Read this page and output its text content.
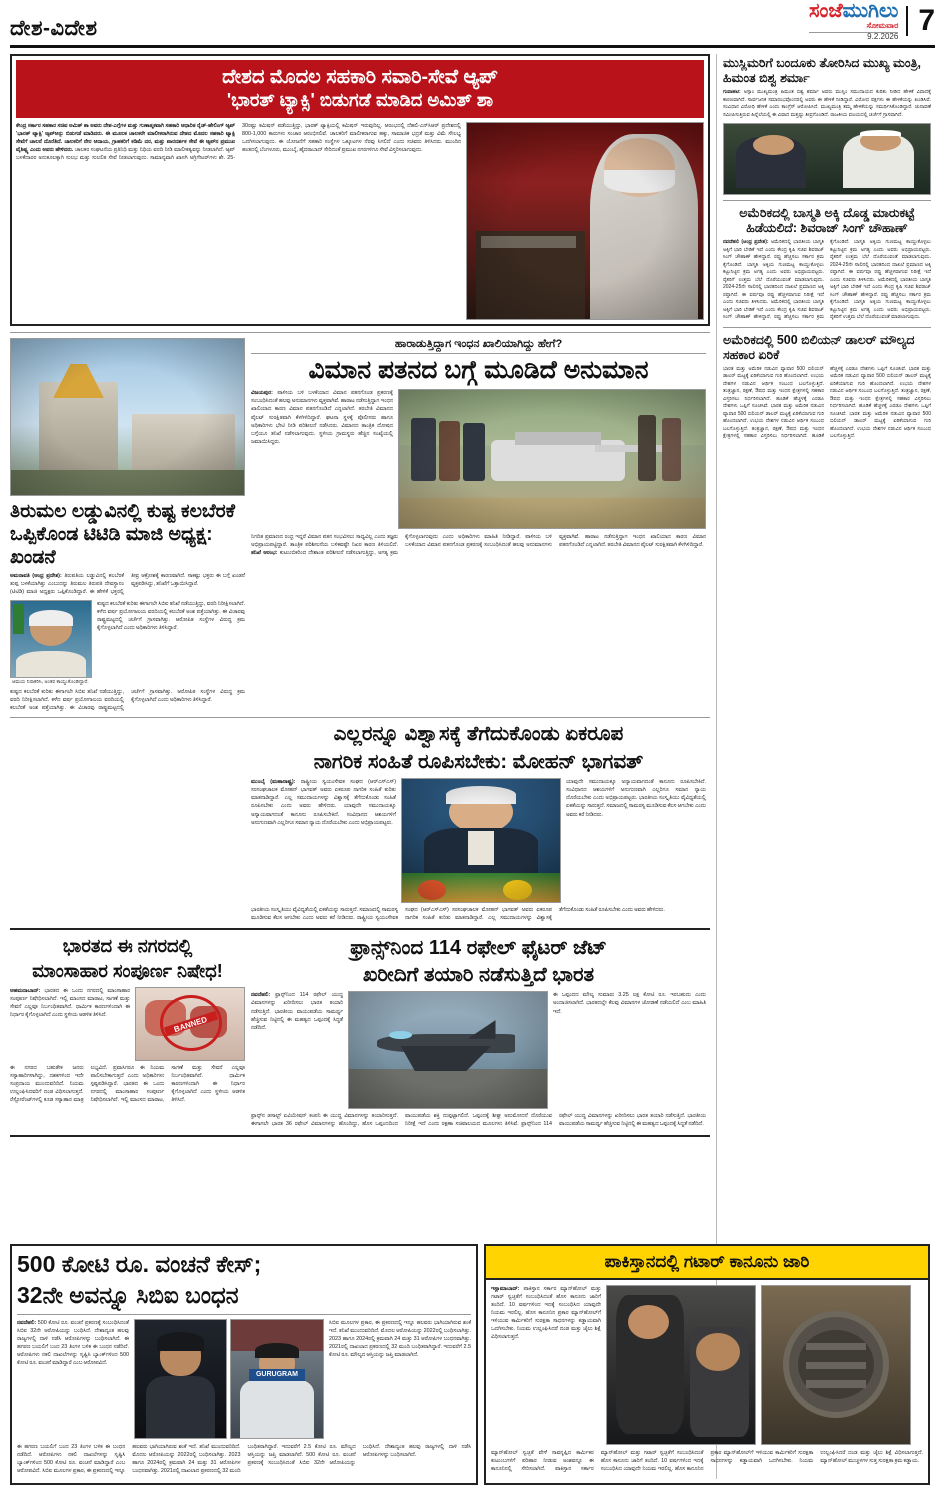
ದೇಶ-ವಿದೇಶ
ಸಂಜೆಮುಗಿಲು
ಸೋಮವಾರ
9.2.2026 7
ದೇಶದ ಮೊದಲ ಸಹಕಾರಿ ಸವಾರಿ-ಸೇವೆ ಆ್ಯಪ್
'ಭಾರತ್ ಟ್ಯಾಕ್ಸಿ' ಬಿಡುಗಡೆ ಮಾಡಿದ ಅಮಿತ್ ಶಾ
ಕೇಂದ್ರ ಸರ್ಕಾರ ಸಹಕಾರ ಸಚಿವ ಅಮಿತ್ ಶಾ ಅವರು ದೇಶ-ಎಗ್ಗೆಗಳ ಮತ್ತು ಗುಣಾತ್ಮಕವಾಗಿ ಸಹಕಾರಿ ಆಧಾರಿತ ರೈಡ್-ಹೇಲಿಂಗ್ ಆ್ಯಪ್ 'ಭಾರತ್ ಟ್ಯಾಕ್ಸಿ' ಆ್ಯಪ್ಅನ್ನು ಬಿಡುಗಡೆ ಮಾಡಿದರು. ಈ ಮೂಲಕ ಚಾಲಕರೇ ಮಾಲೀಕರಾಗಿರುವ ದೇಶದ ಮೊದಲ ಸಹಕಾರಿ ಟ್ಯಾಕ್ಸಿ ಸೇವೆಗೆ ಚಾಲನೆ ದೊರೆತಿದೆ. ಚಾಲಕರಿಗೆ ನೇರ ಆದಾಯ, ಗ್ರಾಹಕರಿಗೆ ಕಡಿಮೆ ದರ, ಮತ್ತು ಪಾರದರ್ಶಕ ಸೇವೆ ಈ ಆ್ಯಪ್‌ನ ಪ್ರಮುಖ ವೈಶಿಷ್ಟ್ಯ ಎಂದು ಅವರು ಹೇಳಿದರು. ಚಾಲಕರ ಸಂಘಟನೆಯ ಪ್ರತಿನಿಧಿ ಮತ್ತು ನಿಧಿಯ ವರದಿ ನೀಡಿ ಮಾಲೀಕತ್ವವನ್ನು ನೀಡಲಾಗಿದೆ. ಆ್ಯಪ್ ಬಳಕೆದಾರರ ಅನುಕೂಲಕ್ಕಾಗಿ ಸುಲಭ ಮತ್ತು ಸುಲಲಿತ ಸೇವೆ ನೀಡಲಾಗುವುದು. ಸಾಮಾನ್ಯವಾಗಿ ಖಾಸಗಿ ಅಗ್ರಿಗೇಟರ್‌ಗಳು ಶೇ. 25-30ರಷ್ಟು ಕಮಿಷನ್ ಪಡೆಯುತ್ತಿದ್ದು, ಭಾರತ್ ಟ್ಯಾಕ್ಸಿಯಲ್ಲಿ ಕಮಿಷನ್ ಇರುವುದಿಲ್ಲ. ಆರಂಭದಲ್ಲಿ ದೆಹಲಿ-ಎನ್‌ಸಿಆರ್ ಪ್ರದೇಶದಲ್ಲಿ 800-1,000 ಕಾರುಗಳು ಸಂಚಾರ ಆರಂಭಿಸಲಿವೆ. ಚಾಲಕರಿಗೆ ಮಾಲೀಕರಾಗುವ ಹಕ್ಕು, ಸಾಮಾಜಿಕ ಭದ್ರತೆ ಮತ್ತು ವಿಮೆ ಸೌಲಭ್ಯ ಒದಗಿಸಲಾಗುವುದು. ಈ ಯೋಜನೆಗೆ ಸಹಕಾರಿ ಸಂಸ್ಥೆಗಳ ಒಕ್ಕೂಟಗಳ ನೆರವು ಸಿಗಲಿದೆ ಎಂದು ಸಚಿವರು ತಿಳಿಸಿದರು. ಮುಂದಿನ ಹಂತದಲ್ಲಿ ಬೆಂಗಳೂರು, ಮುಂಬೈ, ಹೈದರಾಬಾದ್ ಸೇರಿದಂತೆ ಪ್ರಮುಖ ನಗರಗಳಿಗೂ ಸೇವೆ ವಿಸ್ತರಿಸಲಾಗುವುದು.
ತಿರುಮಲ ಲಡ್ಡುವಿನಲ್ಲಿ ಕುಷ್ಟ ಕಲಬೆರಕೆ ಒಪ್ಪಿಕೊಂಡ ಟಿಟಿಡಿ ಮಾಜಿ ಅಧ್ಯಕ್ಷ: ಖಂಡನೆ
ಅಮರಾವತಿ (ಆಂಧ್ರ ಪ್ರದೇಶ): ತಿರುಪತಿಯ ಲಡ್ಡುವಿನಲ್ಲಿ ಕಲಬೆರಕೆ ತುಪ್ಪ ಬಳಕೆಯಾಗಿತ್ತು ಎಂಬುದನ್ನು ತಿರುಮಲ ತಿರುಪತಿ ದೇವಸ್ಥಾನಂ (ಟಿಟಿಡಿ) ಮಾಜಿ ಅಧ್ಯಕ್ಷರು ಒಪ್ಪಿಕೊಂಡಿದ್ದಾರೆ. ಈ ಹೇಳಿಕೆ ಭಕ್ತರಲ್ಲಿ ತೀವ್ರ ಆಕ್ರೋಶಕ್ಕೆ ಕಾರಣವಾಗಿದೆ. ಸಾಕಷ್ಟು ಭಕ್ತರು ಈ ಬಗ್ಗೆ ಖಂಡನೆ ವ್ಯಕ್ತಪಡಿಸಿದ್ದು, ತನಿಖೆಗೆ ಒತ್ತಾಯಿಸಿದ್ದಾರೆ.
ಕುಷ್ಟದ ಕಲಬೆರಕೆ ಕುರಿತು ಈಗಾಗಲೇ ಸಿಬಿಐ ತನಿಖೆ ನಡೆಯುತ್ತಿದ್ದು, ವರದಿ ನಿರೀಕ್ಷಿಸಲಾಗಿದೆ. ಕಳೆದ ವರ್ಷ ಪ್ರಯೋಗಾಲಯ ವರದಿಯಲ್ಲಿ ಕಲಬೆರಕೆ ಅಂಶ ಪತ್ತೆಯಾಗಿತ್ತು. ಈ ವಿಚಾರವು ರಾಷ್ಟ್ರಮಟ್ಟದಲ್ಲಿ ಚರ್ಚೆಗೆ ಗ್ರಾಸವಾಗಿತ್ತು. ಆರೋಪಿತ ಸಂಸ್ಥೆಗಳ ವಿರುದ್ಧ ಕ್ರಮ ಕೈಗೊಳ್ಳಲಾಗಿದೆ ಎಂದು ಅಧಿಕಾರಿಗಳು ತಿಳಿಸಿದ್ದಾರೆ.
ಆಮಯ ನಿರಾಕರಿಸಿ, ಅಂತರ ಕಾಯ್ದುಕೊಂಡಿದ್ದಾರೆ.
ಕುಷ್ಟದ ಕಲಬೆರಕೆ ಕುರಿತು ಈಗಾಗಲೇ ಸಿಬಿಐ ತನಿಖೆ ನಡೆಯುತ್ತಿದ್ದು, ವರದಿ ನಿರೀಕ್ಷಿಸಲಾಗಿದೆ. ಕಳೆದ ವರ್ಷ ಪ್ರಯೋಗಾಲಯ ವರದಿಯಲ್ಲಿ ಕಲಬೆರಕೆ ಅಂಶ ಪತ್ತೆಯಾಗಿತ್ತು. ಈ ವಿಚಾರವು ರಾಷ್ಟ್ರಮಟ್ಟದಲ್ಲಿ ಚರ್ಚೆಗೆ ಗ್ರಾಸವಾಗಿತ್ತು. ಆರೋಪಿತ ಸಂಸ್ಥೆಗಳ ವಿರುದ್ಧ ಕ್ರಮ ಕೈಗೊಳ್ಳಲಾಗಿದೆ ಎಂದು ಅಧಿಕಾರಿಗಳು ತಿಳಿಸಿದ್ದಾರೆ.
ಹಾರಾಡುತ್ತಿದ್ದಾಗ ಇಂಧನ ಖಾಲಿಯಾಗಿದ್ದು ಹೇಗೆ?
ವಿಮಾನ ಪತನದ ಬಗ್ಗೆ ಮೂಡಿದೆ ಅನುಮಾನ
ವಿಜಯಪುರ: ಪಾಳೀಯ ಬಳಿ ಬಳಕೆಯಾದ ವಿಮಾನ ಪತನಗೊಂಡ ಪ್ರಕರಣಕ್ಕೆ ಸಂಬಂಧಿಸಿದಂತೆ ಹಲವು ಅನುಮಾನಗಳು ವ್ಯಕ್ತವಾಗಿವೆ. ಹಾರಾಟ ನಡೆಸುತ್ತಿದ್ದಾಗ ಇಂಧನ ಖಾಲಿಯಾದ ಕಾರಣ ವಿಮಾನ ಪತನಗೊಂಡಿದೆ ಎನ್ನಲಾಗಿದೆ. ತರಬೇತಿ ವಿಮಾನದ ಪೈಲಟ್ ಸುರಕ್ಷಿತವಾಗಿ ಕೆಳಗಿಳಿದಿದ್ದಾರೆ. ಘಟನಾ ಸ್ಥಳಕ್ಕೆ ಪೊಲೀಸರು ಹಾಗೂ ಅಧಿಕಾರಿಗಳು ಭೇಟಿ ನೀಡಿ ಪರಿಶೀಲನೆ ನಡೆಸಿದರು. ವಿಮಾನದ ತಾಂತ್ರಿಕ ದೋಷದ ಬಗ್ಗೆಯೂ ತನಿಖೆ ನಡೆಸಲಾಗುವುದು. ಸ್ಥಳೀಯ ಗ್ರಾಮಸ್ಥರು ಹೆಚ್ಚಿನ ಸಂಖ್ಯೆಯಲ್ಲಿ ಜಮಾಯಿಸಿದ್ದರು.
ನಿಗದಿತ ಪ್ರಮಾಣದ ರಂಧ್ರ ಇದ್ದರೆ ವಿಮಾನ ಪತನ ಸಂಭವಿಸಲು ಸಾಧ್ಯವಿಲ್ಲ ಎಂದು ತಜ್ಞರು ಅಭಿಪ್ರಾಯಪಟ್ಟಿದ್ದಾರೆ. ತಾಂತ್ರಿಕ ಪರಿಶೀಲನೆಯ ಬಳಿಕವಷ್ಟೇ ನಿಖರ ಕಾರಣ ತಿಳಿಯಲಿದೆ. ತನಿಖೆ ಆರಂಭ: ಕುಟುಂಬಿಕರಿಂದ ದೇಶಾಂತ ಪರಿಶೀಲನೆ ನಡೆಸಲಾಗುತ್ತಿದ್ದು, ಅಗತ್ಯ ಕ್ರಮ ಕೈಗೊಳ್ಳಲಾಗುವುದು ಎಂದು ಅಧಿಕಾರಿಗಳು ಮಾಹಿತಿ ನೀಡಿದ್ದಾರೆ. ಪಾಳೀಯ ಬಳಿ ಬಳಕೆಯಾದ ವಿಮಾನ ಪತನಗೊಂಡ ಪ್ರಕರಣಕ್ಕೆ ಸಂಬಂಧಿಸಿದಂತೆ ಹಲವು ಅನುಮಾನಗಳು ವ್ಯಕ್ತವಾಗಿವೆ. ಹಾರಾಟ ನಡೆಸುತ್ತಿದ್ದಾಗ ಇಂಧನ ಖಾಲಿಯಾದ ಕಾರಣ ವಿಮಾನ ಪತನಗೊಂಡಿದೆ ಎನ್ನಲಾಗಿದೆ. ತರಬೇತಿ ವಿಮಾನದ ಪೈಲಟ್ ಸುರಕ್ಷಿತವಾಗಿ ಕೆಳಗಿಳಿದಿದ್ದಾರೆ.
ಎಲ್ಲರನ್ನೂ ವಿಶ್ವಾಸಕ್ಕೆ ತೆಗೆದುಕೊಂಡು ಏಕರೂಪ
ನಾಗರಿಕ ಸಂಹಿತೆ ರೂಪಿಸಬೇಕು: ಮೋಹನ್ ಭಾಗವತ್
ಮುಂಬೈ (ಮಹಾರಾಷ್ಟ್ರ): ರಾಷ್ಟ್ರೀಯ ಸ್ವಯಂಸೇವಕ ಸಂಘದ (ಆರ್‌ಎಸ್‌ಎಸ್) ಸರಸಂಘಚಾಲಕ ಮೋಹನ್ ಭಾಗವತ್ ಅವರು ಏಕರೂಪ ನಾಗರಿಕ ಸಂಹಿತೆ ಕುರಿತು ಮಾತನಾಡಿದ್ದಾರೆ. ಎಲ್ಲ ಸಮುದಾಯಗಳನ್ನು ವಿಶ್ವಾಸಕ್ಕೆ ತೆಗೆದುಕೊಂಡು ಸಂಹಿತೆ ರೂಪಿಸಬೇಕು ಎಂದು ಅವರು ಹೇಳಿದರು. ಯಾವುದೇ ಸಮುದಾಯಕ್ಕೂ ಅನ್ಯಾಯವಾಗದಂತೆ ಕಾನೂನು ರೂಪಿಸಬೇಕಿದೆ. ಸಂವಿಧಾನದ ಆಶಯಗಳಿಗೆ ಅನುಗುಣವಾಗಿ ಎಲ್ಲರಿಗೂ ಸಮಾನ ನ್ಯಾಯ ದೊರೆಯಬೇಕು ಎಂದು ಅಭಿಪ್ರಾಯಪಟ್ಟರು.
ಯಾವುದೇ ಸಮುದಾಯಕ್ಕೂ ಅನ್ಯಾಯವಾಗದಂತೆ ಕಾನೂನು ರೂಪಿಸಬೇಕಿದೆ. ಸಂವಿಧಾನದ ಆಶಯಗಳಿಗೆ ಅನುಗುಣವಾಗಿ ಎಲ್ಲರಿಗೂ ಸಮಾನ ನ್ಯಾಯ ದೊರೆಯಬೇಕು ಎಂದು ಅಭಿಪ್ರಾಯಪಟ್ಟರು. ಭಾರತೀಯ ಸಂಸ್ಕೃತಿಯು ವೈವಿಧ್ಯತೆಯಲ್ಲಿ ಏಕತೆಯನ್ನು ಸಾರುತ್ತದೆ. ಸಮಾಜದಲ್ಲಿ ಸಾಮರಸ್ಯ ಮೂಡಿಸುವ ಕೆಲಸ ಆಗಬೇಕು ಎಂದು ಅವರು ಕರೆ ನೀಡಿದರು.
ಭಾರತೀಯ ಸಂಸ್ಕೃತಿಯು ವೈವಿಧ್ಯತೆಯಲ್ಲಿ ಏಕತೆಯನ್ನು ಸಾರುತ್ತದೆ. ಸಮಾಜದಲ್ಲಿ ಸಾಮರಸ್ಯ ಮೂಡಿಸುವ ಕೆಲಸ ಆಗಬೇಕು ಎಂದು ಅವರು ಕರೆ ನೀಡಿದರು. ರಾಷ್ಟ್ರೀಯ ಸ್ವಯಂಸೇವಕ ಸಂಘದ (ಆರ್‌ಎಸ್‌ಎಸ್) ಸರಸಂಘಚಾಲಕ ಮೋಹನ್ ಭಾಗವತ್ ಅವರು ಏಕರೂಪ ನಾಗರಿಕ ಸಂಹಿತೆ ಕುರಿತು ಮಾತನಾಡಿದ್ದಾರೆ. ಎಲ್ಲ ಸಮುದಾಯಗಳನ್ನು ವಿಶ್ವಾಸಕ್ಕೆ ತೆಗೆದುಕೊಂಡು ಸಂಹಿತೆ ರೂಪಿಸಬೇಕು ಎಂದು ಅವರು ಹೇಳಿದರು.
ಭಾರತದ ಈ ನಗರದಲ್ಲಿ
ಮಾಂಸಾಹಾರ ಸಂಪೂರ್ಣ ನಿಷೇಧ!
ಅಹಮದಾಬಾದ್: ಭಾರತದ ಈ ಒಂದು ನಗರದಲ್ಲಿ ಮಾಂಸಾಹಾರ ಸಂಪೂರ್ಣ ನಿಷೇಧಿಸಲಾಗಿದೆ. ಇಲ್ಲಿ ಮಾಂಸದ ಮಾರಾಟ, ಸಾಗಣೆ ಮತ್ತು ಸೇವನೆ ಎಲ್ಲವೂ ನಿರ್ಬಂಧಿತವಾಗಿದೆ. ಧಾರ್ಮಿಕ ಕಾರಣಗಳಿಂದಾಗಿ ಈ ನಿರ್ಧಾರ ಕೈಗೊಳ್ಳಲಾಗಿದೆ ಎಂದು ಸ್ಥಳೀಯ ಆಡಳಿತ ತಿಳಿಸಿದೆ.	BANNED
ಈ ನಗರದ ಬಹುತೇಕ ಜನರು ಸಸ್ಯಾಹಾರಿಗಳಾಗಿದ್ದು, ದಶಕಗಳಿಂದ ಇದೇ ಸಂಪ್ರದಾಯ ಮುಂದುವರಿದಿದೆ. ನಿಯಮ ಉಲ್ಲಂಘಿಸಿದವರಿಗೆ ದಂಡ ವಿಧಿಸಲಾಗುತ್ತದೆ. ರೆಸ್ಟೋರೆಂಟ್‌ಗಳಲ್ಲಿ ಕೂಡ ಸಸ್ಯಾಹಾರ ಮಾತ್ರ ಲಭ್ಯವಿದೆ. ಪ್ರವಾಸಿಗರೂ ಈ ನಿಯಮ ಪಾಲಿಸಬೇಕಾಗುತ್ತದೆ ಎಂದು ಅಧಿಕಾರಿಗಳು ಸ್ಪಷ್ಟಪಡಿಸಿದ್ದಾರೆ. ಭಾರತದ ಈ ಒಂದು ನಗರದಲ್ಲಿ ಮಾಂಸಾಹಾರ ಸಂಪೂರ್ಣ ನಿಷೇಧಿಸಲಾಗಿದೆ. ಇಲ್ಲಿ ಮಾಂಸದ ಮಾರಾಟ, ಸಾಗಣೆ ಮತ್ತು ಸೇವನೆ ಎಲ್ಲವೂ ನಿರ್ಬಂಧಿತವಾಗಿದೆ. ಧಾರ್ಮಿಕ ಕಾರಣಗಳಿಂದಾಗಿ ಈ ನಿರ್ಧಾರ ಕೈಗೊಳ್ಳಲಾಗಿದೆ ಎಂದು ಸ್ಥಳೀಯ ಆಡಳಿತ ತಿಳಿಸಿದೆ.
ಫ್ರಾನ್ಸ್‌ನಿಂದ 114 ರಫೇಲ್ ಫೈಟರ್ ಜೆಟ್
ಖರೀದಿಗೆ ತಯಾರಿ ನಡೆಸುತ್ತಿದೆ ಭಾರತ
ನವದೆಹಲಿ: ಫ್ರಾನ್ಸ್‌ನಿಂದ 114 ರಫೇಲ್ ಯುದ್ಧ ವಿಮಾನಗಳನ್ನು ಖರೀದಿಸಲು ಭಾರತ ತಯಾರಿ ನಡೆಸುತ್ತಿದೆ. ಭಾರತೀಯ ವಾಯುಪಡೆಯ ಸಾಮರ್ಥ್ಯ ಹೆಚ್ಚಿಸುವ ನಿಟ್ಟಿನಲ್ಲಿ ಈ ಮಹತ್ವದ ಒಪ್ಪಂದಕ್ಕೆ ಸಿದ್ಧತೆ ನಡೆದಿದೆ.
ಈ ಒಪ್ಪಂದದ ಮೌಲ್ಯ ಸುಮಾರು 3.25 ಲಕ್ಷ ಕೋಟಿ ರೂ. ಇರಬಹುದು ಎಂದು ಅಂದಾಜಿಸಲಾಗಿದೆ. ಭಾರತದಲ್ಲೇ ಕೆಲವು ವಿಮಾನಗಳ ಜೋಡಣೆ ನಡೆಯಲಿದೆ ಎಂಬ ಮಾಹಿತಿ ಇದೆ.
ಫ್ರಾನ್ಸ್‌ನ ಡಸಾಲ್ಟ್ ಏವಿಯೇಷನ್ ಕಂಪನಿ ಈ ಯುದ್ಧ ವಿಮಾನಗಳನ್ನು ತಯಾರಿಸುತ್ತದೆ. ಈಗಾಗಲೇ ಭಾರತ 36 ರಫೇಲ್ ವಿಮಾನಗಳನ್ನು ಹೊಂದಿದ್ದು, ಹೊಸ ಒಪ್ಪಂದದಿಂದ ವಾಯುಪಡೆಯ ಶಕ್ತಿ ದುಪ್ಪಟ್ಟಾಗಲಿದೆ. ಒಪ್ಪಂದಕ್ಕೆ ಶೀಘ್ರ ಅನುಮೋದನೆ ದೊರೆಯುವ ನಿರೀಕ್ಷೆ ಇದೆ ಎಂದು ರಕ್ಷಣಾ ಸಚಿವಾಲಯದ ಮೂಲಗಳು ತಿಳಿಸಿವೆ. ಫ್ರಾನ್ಸ್‌ನಿಂದ 114 ರಫೇಲ್ ಯುದ್ಧ ವಿಮಾನಗಳನ್ನು ಖರೀದಿಸಲು ಭಾರತ ತಯಾರಿ ನಡೆಸುತ್ತಿದೆ. ಭಾರತೀಯ ವಾಯುಪಡೆಯ ಸಾಮರ್ಥ್ಯ ಹೆಚ್ಚಿಸುವ ನಿಟ್ಟಿನಲ್ಲಿ ಈ ಮಹತ್ವದ ಒಪ್ಪಂದಕ್ಕೆ ಸಿದ್ಧತೆ ನಡೆದಿದೆ.
ಮುಸ್ಲಿಮರಿಗೆ ಬಂದೂಕು ತೋರಿಸಿದ ಮುಖ್ಯ ಮಂತ್ರಿ, ಹಿಮಂತ ಬಿಶ್ವ ಶರ್ಮಾ
ಗುವಾಹಟಿ: ಅಸ್ಸಾಂ ಮುಖ್ಯಮಂತ್ರಿ ಹಿಮಂತ ಬಿಶ್ವ ಶರ್ಮಾ ಅವರು ಮುಸ್ಲಿಂ ಸಮುದಾಯದ ಕುರಿತು ನೀಡಿದ ಹೇಳಿಕೆ ವಿವಾದಕ್ಕೆ ಕಾರಣವಾಗಿದೆ. ಸಾರ್ವಜನಿಕ ಸಮಾರಂಭವೊಂದರಲ್ಲಿ ಅವರು ಈ ಹೇಳಿಕೆ ನೀಡಿದ್ದಾರೆ. ವಿರೋಧ ಪಕ್ಷಗಳು ಈ ಹೇಳಿಕೆಯನ್ನು ಖಂಡಿಸಿವೆ. ಸಂವಿಧಾನ ವಿರೋಧಿ ಹೇಳಿಕೆ ಎಂದು ಕಾಂಗ್ರೆಸ್ ಆರೋಪಿಸಿದೆ. ಮುಖ್ಯಮಂತ್ರಿ ತಮ್ಮ ಹೇಳಿಕೆಯನ್ನು ಸಮರ್ಥಿಸಿಕೊಂಡಿದ್ದಾರೆ. ಚುನಾವಣೆ ಸಮೀಪಿಸುತ್ತಿರುವ ಹಿನ್ನೆಲೆಯಲ್ಲಿ ಈ ವಿವಾದ ಮತ್ತಷ್ಟು ತೀವ್ರಗೊಂಡಿದೆ. ರಾಜಕೀಯ ವಲಯದಲ್ಲಿ ಚರ್ಚೆಗೆ ಗ್ರಾಸವಾಗಿದೆ.
ಅಮೆರಿಕದಲ್ಲಿ ಬಾಸ್ಮತಿ ಅಕ್ಕಿ ದೊಡ್ಡ ಮಾರುಕಟ್ಟೆ ಹಿಡೆಯಲಿದೆ: ಶಿವರಾಜ್ ಸಿಂಗ್ ಚೌಹಾಣ್
ನವದೆಹಲಿ (ಆಂಧ್ರ ಪ್ರದೇಶ): ಅಮೆರಿಕದಲ್ಲಿ ಭಾರತೀಯ ಬಾಸ್ಮತಿ ಅಕ್ಕಿಗೆ ಭಾರಿ ಬೇಡಿಕೆ ಇದೆ ಎಂದು ಕೇಂದ್ರ ಕೃಷಿ ಸಚಿವ ಶಿವರಾಜ್ ಸಿಂಗ್ ಚೌಹಾಣ್ ಹೇಳಿದ್ದಾರೆ. ರಫ್ತು ಹೆಚ್ಚಿಸಲು ಸರ್ಕಾರ ಕ್ರಮ ಕೈಗೊಂಡಿದೆ. ಬಾಸ್ಮತಿ ಅಕ್ಕಿಯ ಗುಣಮಟ್ಟ ಕಾಯ್ದುಕೊಳ್ಳಲು ಕಟ್ಟುನಿಟ್ಟಿನ ಕ್ರಮ ಅಗತ್ಯ ಎಂದು ಅವರು ಅಭಿಪ್ರಾಯಪಟ್ಟರು. ರೈತರಿಗೆ ಉತ್ತಮ ಬೆಲೆ ದೊರೆಯುವಂತೆ ಮಾಡಲಾಗುವುದು. 2024-25ನೇ ಸಾಲಿನಲ್ಲಿ ಭಾರತದಿಂದ ದಾಖಲೆ ಪ್ರಮಾಣದ ಅಕ್ಕಿ ರಫ್ತಾಗಿದೆ. ಈ ವರ್ಷವೂ ರಫ್ತು ಹೆಚ್ಚಳವಾಗುವ ನಿರೀಕ್ಷೆ ಇದೆ ಎಂದು ಸಚಿವರು ತಿಳಿಸಿದರು. ಅಮೆರಿಕದಲ್ಲಿ ಭಾರತೀಯ ಬಾಸ್ಮತಿ ಅಕ್ಕಿಗೆ ಭಾರಿ ಬೇಡಿಕೆ ಇದೆ ಎಂದು ಕೇಂದ್ರ ಕೃಷಿ ಸಚಿವ ಶಿವರಾಜ್ ಸಿಂಗ್ ಚೌಹಾಣ್ ಹೇಳಿದ್ದಾರೆ. ರಫ್ತು ಹೆಚ್ಚಿಸಲು ಸರ್ಕಾರ ಕ್ರಮ ಕೈಗೊಂಡಿದೆ. ಬಾಸ್ಮತಿ ಅಕ್ಕಿಯ ಗುಣಮಟ್ಟ ಕಾಯ್ದುಕೊಳ್ಳಲು ಕಟ್ಟುನಿಟ್ಟಿನ ಕ್ರಮ ಅಗತ್ಯ ಎಂದು ಅವರು ಅಭಿಪ್ರಾಯಪಟ್ಟರು. ರೈತರಿಗೆ ಉತ್ತಮ ಬೆಲೆ ದೊರೆಯುವಂತೆ ಮಾಡಲಾಗುವುದು. 2024-25ನೇ ಸಾಲಿನಲ್ಲಿ ಭಾರತದಿಂದ ದಾಖಲೆ ಪ್ರಮಾಣದ ಅಕ್ಕಿ ರಫ್ತಾಗಿದೆ. ಈ ವರ್ಷವೂ ರಫ್ತು ಹೆಚ್ಚಳವಾಗುವ ನಿರೀಕ್ಷೆ ಇದೆ ಎಂದು ಸಚಿವರು ತಿಳಿಸಿದರು. ಅಮೆರಿಕದಲ್ಲಿ ಭಾರತೀಯ ಬಾಸ್ಮತಿ ಅಕ್ಕಿಗೆ ಭಾರಿ ಬೇಡಿಕೆ ಇದೆ ಎಂದು ಕೇಂದ್ರ ಕೃಷಿ ಸಚಿವ ಶಿವರಾಜ್ ಸಿಂಗ್ ಚೌಹಾಣ್ ಹೇಳಿದ್ದಾರೆ. ರಫ್ತು ಹೆಚ್ಚಿಸಲು ಸರ್ಕಾರ ಕ್ರಮ ಕೈಗೊಂಡಿದೆ. ಬಾಸ್ಮತಿ ಅಕ್ಕಿಯ ಗುಣಮಟ್ಟ ಕಾಯ್ದುಕೊಳ್ಳಲು ಕಟ್ಟುನಿಟ್ಟಿನ ಕ್ರಮ ಅಗತ್ಯ ಎಂದು ಅವರು ಅಭಿಪ್ರಾಯಪಟ್ಟರು. ರೈತರಿಗೆ ಉತ್ತಮ ಬೆಲೆ ದೊರೆಯುವಂತೆ ಮಾಡಲಾಗುವುದು.
ಅಮೆರಿಕದಲ್ಲಿ 500 ಬಿಲಿಯನ್ ಡಾಲರ್ ಮೌಲ್ಯದ ಸಹಕಾರ ಏರಿಕೆ
ಭಾರತ ಮತ್ತು ಅಮೆರಿಕ ನಡುವಿನ ವ್ಯಾಪಾರ 500 ಬಿಲಿಯನ್ ಡಾಲರ್ ಮಟ್ಟಕ್ಕೆ ಏರಿಕೆಯಾಗುವ ಗುರಿ ಹೊಂದಲಾಗಿದೆ. ಉಭಯ ದೇಶಗಳ ನಡುವಿನ ಆರ್ಥಿಕ ಸಂಬಂಧ ಬಲಗೊಳ್ಳುತ್ತಿದೆ. ತಂತ್ರಜ್ಞಾನ, ರಕ್ಷಣೆ, ಔಷಧ ಮತ್ತು ಇಂಧನ ಕ್ಷೇತ್ರಗಳಲ್ಲಿ ಸಹಕಾರ ವಿಸ್ತರಿಸಲು ನಿರ್ಧರಿಸಲಾಗಿದೆ. ಹೂಡಿಕೆ ಹೆಚ್ಚಳಕ್ಕೆ ಎರಡೂ ದೇಶಗಳು ಒಪ್ಪಿಗೆ ಸೂಚಿಸಿವೆ. ಭಾರತ ಮತ್ತು ಅಮೆರಿಕ ನಡುವಿನ ವ್ಯಾಪಾರ 500 ಬಿಲಿಯನ್ ಡಾಲರ್ ಮಟ್ಟಕ್ಕೆ ಏರಿಕೆಯಾಗುವ ಗುರಿ ಹೊಂದಲಾಗಿದೆ. ಉಭಯ ದೇಶಗಳ ನಡುವಿನ ಆರ್ಥಿಕ ಸಂಬಂಧ ಬಲಗೊಳ್ಳುತ್ತಿದೆ. ತಂತ್ರಜ್ಞಾನ, ರಕ್ಷಣೆ, ಔಷಧ ಮತ್ತು ಇಂಧನ ಕ್ಷೇತ್ರಗಳಲ್ಲಿ ಸಹಕಾರ ವಿಸ್ತರಿಸಲು ನಿರ್ಧರಿಸಲಾಗಿದೆ. ಹೂಡಿಕೆ ಹೆಚ್ಚಳಕ್ಕೆ ಎರಡೂ ದೇಶಗಳು ಒಪ್ಪಿಗೆ ಸೂಚಿಸಿವೆ. ಭಾರತ ಮತ್ತು ಅಮೆರಿಕ ನಡುವಿನ ವ್ಯಾಪಾರ 500 ಬಿಲಿಯನ್ ಡಾಲರ್ ಮಟ್ಟಕ್ಕೆ ಏರಿಕೆಯಾಗುವ ಗುರಿ ಹೊಂದಲಾಗಿದೆ. ಉಭಯ ದೇಶಗಳ ನಡುವಿನ ಆರ್ಥಿಕ ಸಂಬಂಧ ಬಲಗೊಳ್ಳುತ್ತಿದೆ. ತಂತ್ರಜ್ಞಾನ, ರಕ್ಷಣೆ, ಔಷಧ ಮತ್ತು ಇಂಧನ ಕ್ಷೇತ್ರಗಳಲ್ಲಿ ಸಹಕಾರ ವಿಸ್ತರಿಸಲು ನಿರ್ಧರಿಸಲಾಗಿದೆ. ಹೂಡಿಕೆ ಹೆಚ್ಚಳಕ್ಕೆ ಎರಡೂ ದೇಶಗಳು ಒಪ್ಪಿಗೆ ಸೂಚಿಸಿವೆ. ಭಾರತ ಮತ್ತು ಅಮೆರಿಕ ನಡುವಿನ ವ್ಯಾಪಾರ 500 ಬಿಲಿಯನ್ ಡಾಲರ್ ಮಟ್ಟಕ್ಕೆ ಏರಿಕೆಯಾಗುವ ಗುರಿ ಹೊಂದಲಾಗಿದೆ. ಉಭಯ ದೇಶಗಳ ನಡುವಿನ ಆರ್ಥಿಕ ಸಂಬಂಧ ಬಲಗೊಳ್ಳುತ್ತಿದೆ.
500 ಕೋಟಿ ರೂ. ವಂಚನೆ ಕೇಸ್;
32ನೇ ಅವನ್ನೂ ಸಿಬಿಐ ಬಂಧನ
ನವದೆಹಲಿ: 500 ಕೋಟಿ ರೂ. ವಂಚನೆ ಪ್ರಕರಣಕ್ಕೆ ಸಂಬಂಧಿಸಿದಂತೆ ಸಿಬಿಐ 32ನೇ ಆರೋಪಿಯನ್ನು ಬಂಧಿಸಿದೆ. ದೇಶಾದ್ಯಂತ ಹಲವು ರಾಜ್ಯಗಳಲ್ಲಿ ದಾಳಿ ನಡೆಸಿ ಆರೋಪಿಗಳನ್ನು ಬಂಧಿಸಲಾಗಿದೆ. ಈ ಹಗರಣ ಬಯಲಿಗೆ ಬಂದ 23 ತಿಂಗಳ ಬಳಿಕ ಈ ಬಂಧನ ನಡೆದಿದೆ. ಆರೋಪಿಗಳು ನಕಲಿ ದಾಖಲೆಗಳನ್ನು ಸೃಷ್ಟಿಸಿ ಬ್ಯಾಂಕ್‌ಗಳಿಂದ 500 ಕೋಟಿ ರೂ. ವಂಚನೆ ಮಾಡಿದ್ದಾರೆ ಎಂಬ ಆರೋಪವಿದೆ.
GURUGRAM
ಸಿಬಿಐ ಮೂಲಗಳ ಪ್ರಕಾರ, ಈ ಪ್ರಕರಣದಲ್ಲಿ ಇನ್ನೂ ಹಲವರು ಭಾಗಿಯಾಗಿರುವ ಶಂಕೆ ಇದೆ. ತನಿಖೆ ಮುಂದುವರಿದಿದೆ. ಮೊದಲ ಆರೋಪಿಯನ್ನು 2022ರಲ್ಲಿ ಬಂಧಿಸಲಾಗಿತ್ತು. 2023 ಹಾಗೂ 2024ರಲ್ಲಿ ಕ್ರಮವಾಗಿ 24 ಮತ್ತು 31 ಆರೋಪಿಗಳ ಬಂಧನವಾಗಿತ್ತು. 2021ರಲ್ಲಿ ದಾಖಲಾದ ಪ್ರಕರಣದಲ್ಲಿ 32 ಮಂದಿ ಬಂಧಿತರಾಗಿದ್ದಾರೆ. ಇದುವರೆಗೆ 2.5 ಕೋಟಿ ರೂ. ಮೌಲ್ಯದ ಆಸ್ತಿಯನ್ನು ಜಪ್ತಿ ಮಾಡಲಾಗಿದೆ.
ಈ ಹಗರಣ ಬಯಲಿಗೆ ಬಂದ 23 ತಿಂಗಳ ಬಳಿಕ ಈ ಬಂಧನ ನಡೆದಿದೆ. ಆರೋಪಿಗಳು ನಕಲಿ ದಾಖಲೆಗಳನ್ನು ಸೃಷ್ಟಿಸಿ ಬ್ಯಾಂಕ್‌ಗಳಿಂದ 500 ಕೋಟಿ ರೂ. ವಂಚನೆ ಮಾಡಿದ್ದಾರೆ ಎಂಬ ಆರೋಪವಿದೆ. ಸಿಬಿಐ ಮೂಲಗಳ ಪ್ರಕಾರ, ಈ ಪ್ರಕರಣದಲ್ಲಿ ಇನ್ನೂ ಹಲವರು ಭಾಗಿಯಾಗಿರುವ ಶಂಕೆ ಇದೆ. ತನಿಖೆ ಮುಂದುವರಿದಿದೆ. ಮೊದಲ ಆರೋಪಿಯನ್ನು 2022ರಲ್ಲಿ ಬಂಧಿಸಲಾಗಿತ್ತು. 2023 ಹಾಗೂ 2024ರಲ್ಲಿ ಕ್ರಮವಾಗಿ 24 ಮತ್ತು 31 ಆರೋಪಿಗಳ ಬಂಧನವಾಗಿತ್ತು. 2021ರಲ್ಲಿ ದಾಖಲಾದ ಪ್ರಕರಣದಲ್ಲಿ 32 ಮಂದಿ ಬಂಧಿತರಾಗಿದ್ದಾರೆ. ಇದುವರೆಗೆ 2.5 ಕೋಟಿ ರೂ. ಮೌಲ್ಯದ ಆಸ್ತಿಯನ್ನು ಜಪ್ತಿ ಮಾಡಲಾಗಿದೆ. 500 ಕೋಟಿ ರೂ. ವಂಚನೆ ಪ್ರಕರಣಕ್ಕೆ ಸಂಬಂಧಿಸಿದಂತೆ ಸಿಬಿಐ 32ನೇ ಆರೋಪಿಯನ್ನು ಬಂಧಿಸಿದೆ. ದೇಶಾದ್ಯಂತ ಹಲವು ರಾಜ್ಯಗಳಲ್ಲಿ ದಾಳಿ ನಡೆಸಿ ಆರೋಪಿಗಳನ್ನು ಬಂಧಿಸಲಾಗಿದೆ.
ಪಾಕಿಸ್ತಾನದಲ್ಲಿ ಗಟಾರ್ ಕಾನೂನು ಜಾರಿ
ಇಸ್ಲಾಮಾಬಾದ್: ಪಾಕಿಸ್ತಾನ ಸರ್ಕಾರ ಮ್ಯಾನ್‌ಹೋಲ್ ಮತ್ತು ಗಟಾರ್ ಸ್ವಚ್ಛತೆಗೆ ಸಂಬಂಧಿಸಿದಂತೆ ಹೊಸ ಕಾನೂನು ಜಾರಿಗೆ ತಂದಿದೆ. 10 ವರ್ಷಗಳಿಂದ ಇದಕ್ಕೆ ಸಂಬಂಧಿಸಿದ ಯಾವುದೇ ನಿಯಮ ಇರಲಿಲ್ಲ. ಹೊಸ ಕಾನೂನಿನ ಪ್ರಕಾರ ಮ್ಯಾನ್‌ಹೋಲ್‌ಗೆ ಇಳಿಯುವ ಕಾರ್ಮಿಕರಿಗೆ ಸುರಕ್ಷತಾ ಸಾಧನಗಳನ್ನು ಕಡ್ಡಾಯವಾಗಿ ಒದಗಿಸಬೇಕು. ನಿಯಮ ಉಲ್ಲಂಘಿಸಿದರೆ ದಂಡ ಮತ್ತು ಜೈಲು ಶಿಕ್ಷೆ ವಿಧಿಸಲಾಗುತ್ತದೆ.
ಮ್ಯಾನ್‌ಹೋಲ್ ಸ್ವಚ್ಛತೆ ವೇಳೆ ಸಾವನ್ನಪ್ಪಿದ ಕಾರ್ಮಿಕರ ಕುಟುಂಬಗಳಿಗೆ ಪರಿಹಾರ ನೀಡುವ ಅಂಶವನ್ನೂ ಈ ಕಾನೂನಿನಲ್ಲಿ ಸೇರಿಸಲಾಗಿದೆ. ಪಾಕಿಸ್ತಾನ ಸರ್ಕಾರ ಮ್ಯಾನ್‌ಹೋಲ್ ಮತ್ತು ಗಟಾರ್ ಸ್ವಚ್ಛತೆಗೆ ಸಂಬಂಧಿಸಿದಂತೆ ಹೊಸ ಕಾನೂನು ಜಾರಿಗೆ ತಂದಿದೆ. 10 ವರ್ಷಗಳಿಂದ ಇದಕ್ಕೆ ಸಂಬಂಧಿಸಿದ ಯಾವುದೇ ನಿಯಮ ಇರಲಿಲ್ಲ. ಹೊಸ ಕಾನೂನಿನ ಪ್ರಕಾರ ಮ್ಯಾನ್‌ಹೋಲ್‌ಗೆ ಇಳಿಯುವ ಕಾರ್ಮಿಕರಿಗೆ ಸುರಕ್ಷತಾ ಸಾಧನಗಳನ್ನು ಕಡ್ಡಾಯವಾಗಿ ಒದಗಿಸಬೇಕು. ನಿಯಮ ಉಲ್ಲಂಘಿಸಿದರೆ ದಂಡ ಮತ್ತು ಜೈಲು ಶಿಕ್ಷೆ ವಿಧಿಸಲಾಗುತ್ತದೆ. ಮ್ಯಾನ್‌ಹೋಲ್ ಮುಚ್ಚಳಗಳ ಸುತ್ತ ಸುರಕ್ಷತಾ ಕ್ರಮ ಕಡ್ಡಾಯ.
